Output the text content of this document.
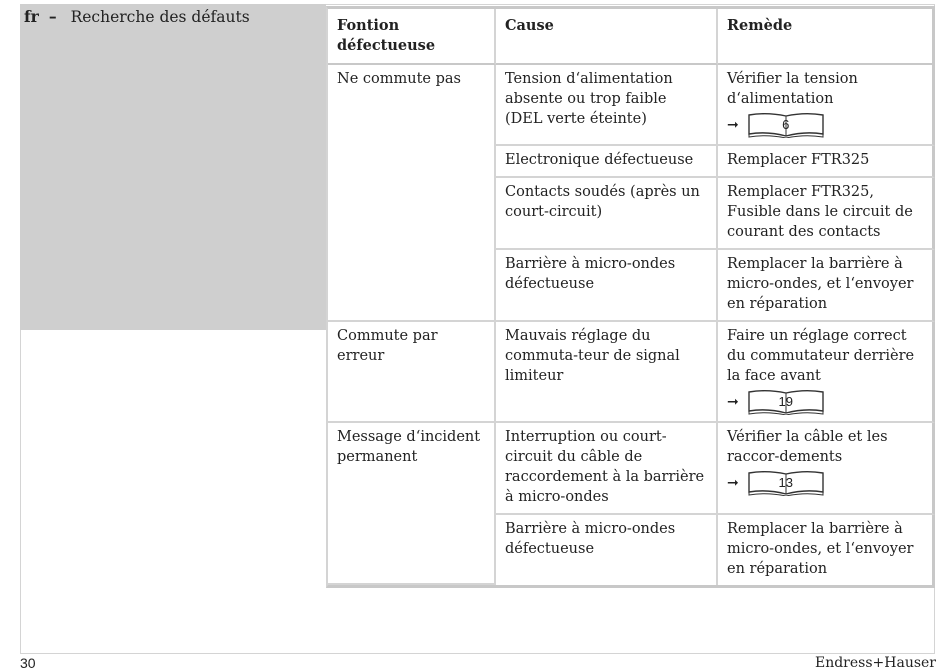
fr – Recherche des défauts	Fontion défectueuse	Cause	Remède
Ne commute pas	Tension d‘alimentation absente ou trop faible (DEL verte éteinte)	Vérifier la tension d‘alimentation
➞ 6

	Electronique défectueuse	Remplacer FTR325

	Contacts soudés (après un court-circuit)	Remplacer FTR325, Fusible dans le circuit de courant des contacts

	Barrière à micro-ondes défectueuse	Remplacer la barrière à micro-ondes, et l‘envoyer en réparation

Commute par erreur	Mauvais réglage du commuta-teur de signal limiteur	Faire un réglage correct du commutateur derrière la face avant
➞ 19

Message d‘incident permanent	Interruption ou court-circuit du câble de raccordement à la barrière à micro-ondes	Vérifier la câble et les raccor-dements
➞ 13

	Barrière à micro-ondes défectueuse	Remplacer la barrière à micro-ondes, et l‘envoyer en réparation
30	Endress+Hauser
